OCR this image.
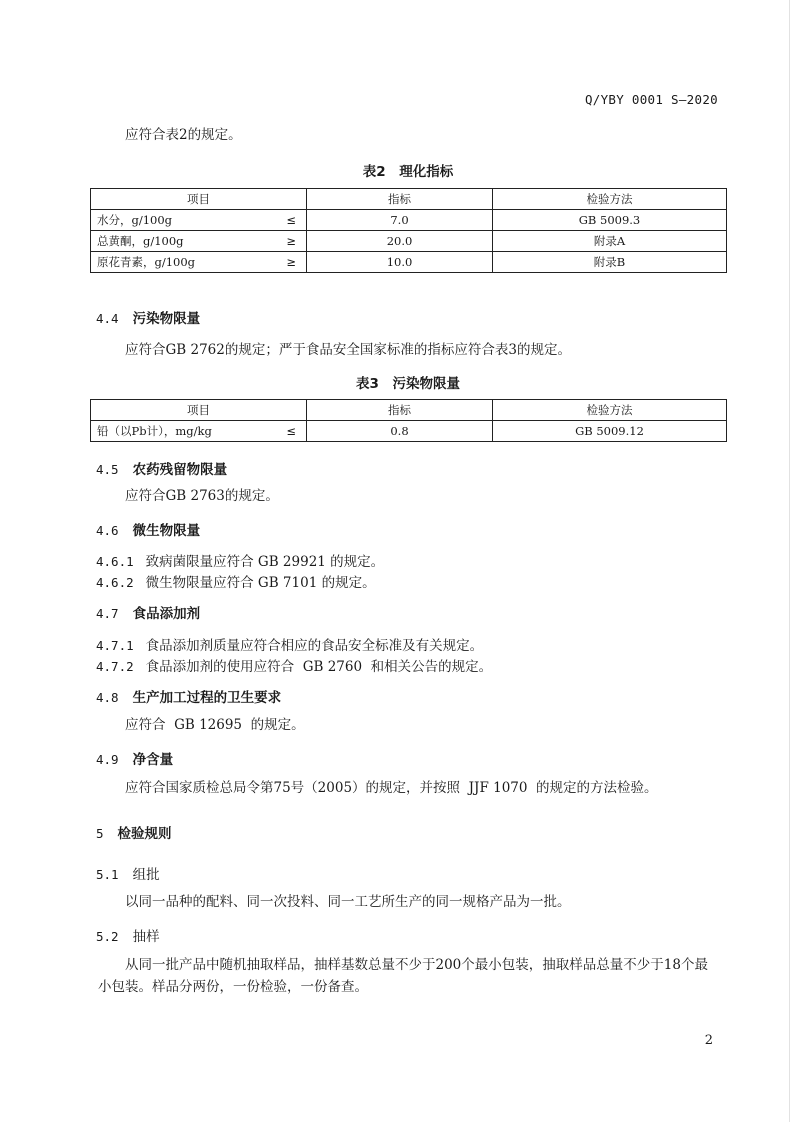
Q/YBY 0001 S—2020
应符合表2的规定。
表2　理化指标
项目	指标	检验方法

水分，g/100g ≤	7.0	GB 5009.3

总黄酮，g/100g ≥	20.0	附录A

原花青素，g/100g ≥	10.0	附录B
4.4 污染物限量
应符合GB 2762的规定；严于食品安全国家标准的指标应符合表3的规定。
表3　污染物限量
项目	指标	检验方法

铅（以Pb计），mg/kg ≤	0.8	GB 5009.12
4.5 农药残留物限量
应符合GB 2763的规定。
4.6 微生物限量
4.6.1 致病菌限量应符合 GB 29921 的规定。
4.6.2 微生物限量应符合 GB 7101 的规定。
4.7 食品添加剂
4.7.1 食品添加剂质量应符合相应的食品安全标准及有关规定。
4.7.2 食品添加剂的使用应符合  GB 2760  和相关公告的规定。
4.8 生产加工过程的卫生要求
应符合  GB 12695  的规定。
4.9 净含量
应符合国家质检总局令第75号（2005）的规定，并按照  JJF 1070  的规定的方法检验。
5 检验规则
5.1 组批
以同一品种的配料、同一次投料、同一工艺所生产的同一规格产品为一批。
5.2 抽样
从同一批产品中随机抽取样品，抽样基数总量不少于200个最小包装，抽取样品总量不少于18个最
小包装。样品分两份，一份检验，一份备查。
2
